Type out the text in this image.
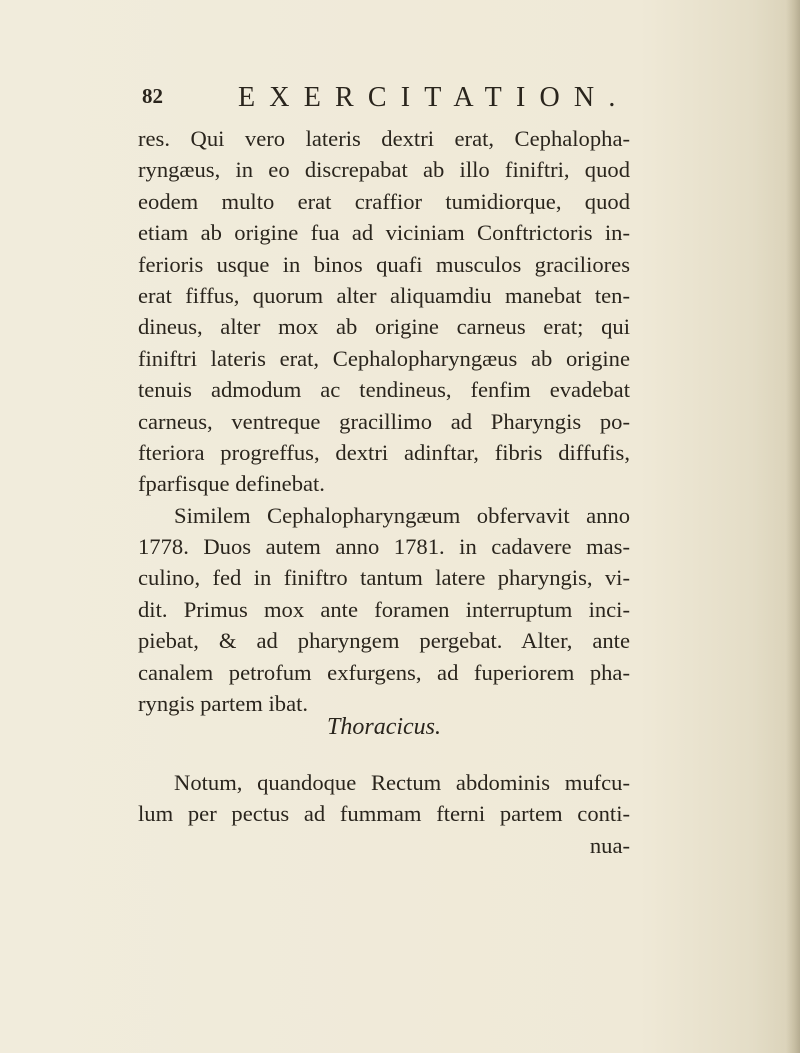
82	EXERCITATION.
res. Qui vero lateris dextri erat, Cephalopha-
ryngæus, in eo discrepabat ab illo finiftri, quod
eodem multo erat craffior tumidiorque, quod
etiam ab origine fua ad viciniam Conftrictoris in-
ferioris usque in binos quafi musculos graciliores
erat fiffus, quorum alter aliquamdiu manebat ten-
dineus, alter mox ab origine carneus erat; qui
finiftri lateris erat, Cephalopharyngæus ab origine
tenuis admodum ac tendineus, fenfim evadebat
carneus, ventreque gracillimo ad Pharyngis po-
fteriora progreffus, dextri adinftar, fibris diffufis,
fparfisque definebat.
Similem Cephalopharyngæum obfervavit anno
1778. Duos autem anno 1781. in cadavere mas-
culino, fed in finiftro tantum latere pharyngis, vi-
dit. Primus mox ante foramen interruptum inci-
piebat, & ad pharyngem pergebat. Alter, ante
canalem petrofum exfurgens, ad fuperiorem pha-
ryngis partem ibat.
Thoracicus.
Notum, quandoque Rectum abdominis mufcu-
lum per pectus ad fummam fterni partem conti-
nua-
